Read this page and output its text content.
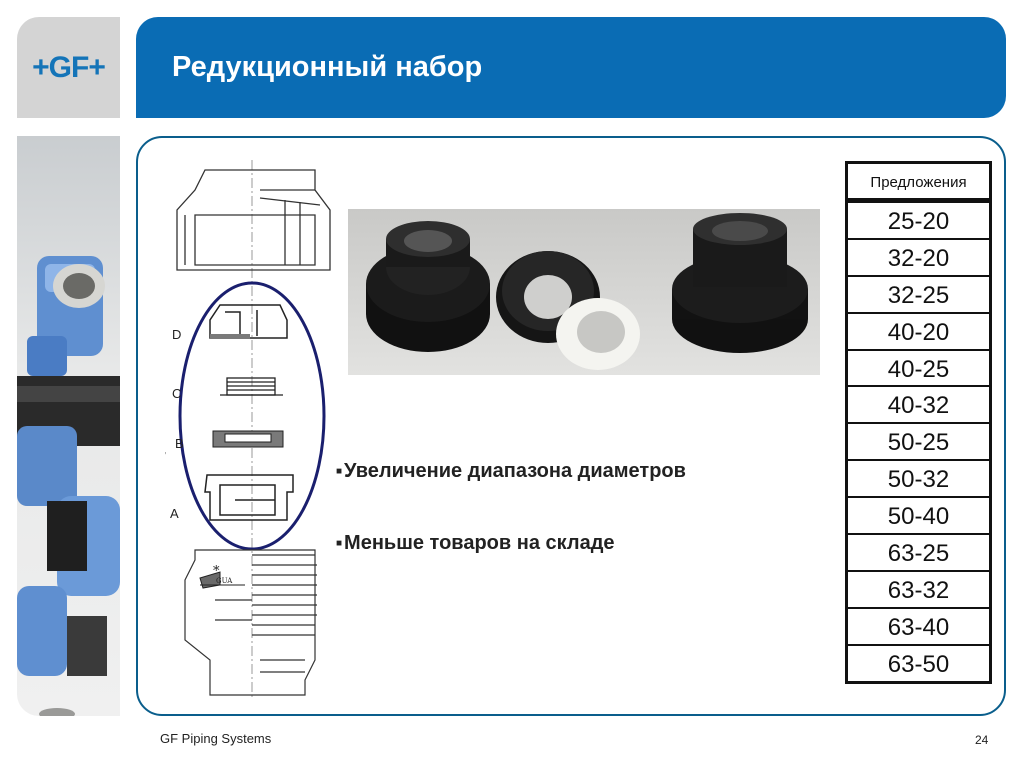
+GF+	Редукционный набор
*
D
C
B
A
GUA
■ Увеличение диапазона диаметров
■ Меньше товаров на складе
Предложения
25-20
32-20
32-25
40-20
40-25
40-32
50-25
50-32
50-40
63-25
63-32
63-40
63-50
GF Piping Systems	24
